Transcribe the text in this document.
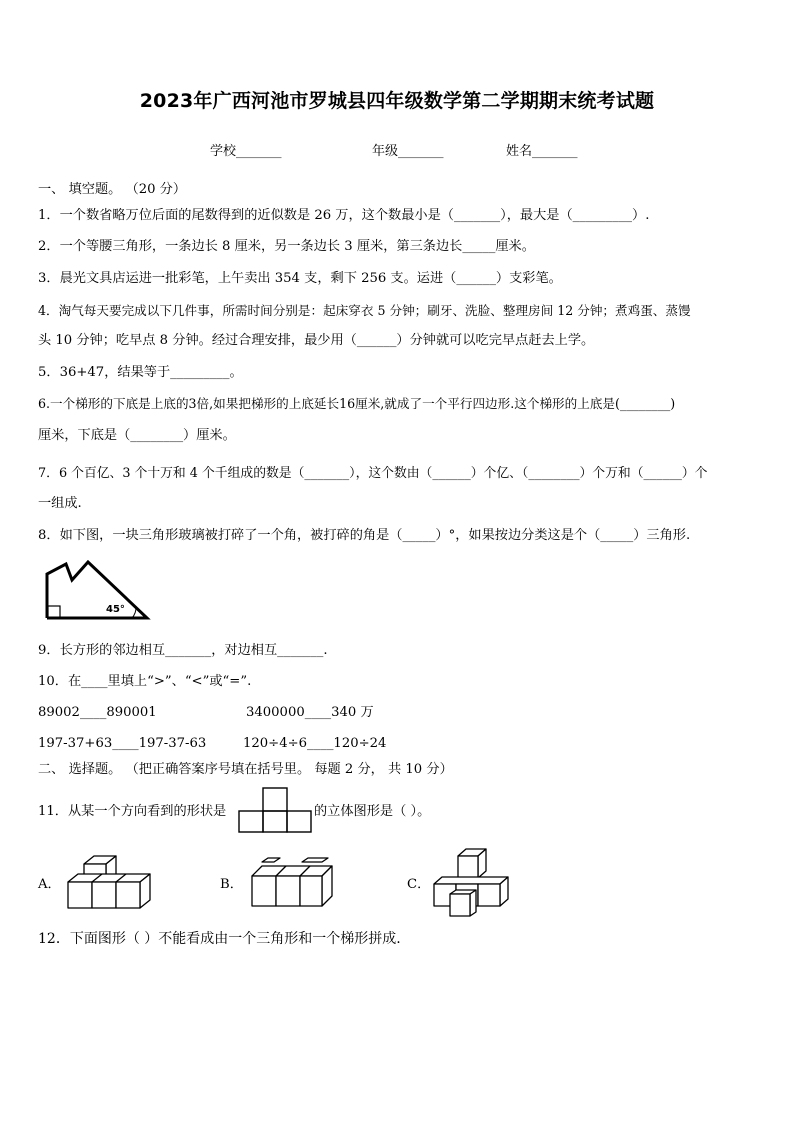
2023年广西河池市罗城县四年级数学第二学期期末统考试题
学校_______	年级_______	姓名_______
一、 填空题。 （20 分）
1．一个数省略万位后面的尾数得到的近似数是 26 万，这个数最小是（_______），最大是（_________）.
2．一个等腰三角形，一条边长 8 厘米，另一条边长 3 厘米，第三条边长_____厘米。
3．晨光文具店运进一批彩笔，上午卖出 354 支，剩下 256 支。运进（______）支彩笔。
4．淘气每天要完成以下几件事，所需时间分别是：起床穿衣 5 分钟；刷牙、洗脸、整理房间 12 分钟；煮鸡蛋、蒸馒
头 10 分钟；吃早点 8 分钟。经过合理安排，最少用（______）分钟就可以吃完早点赶去上学。
5．36+47，结果等于_________。
6.一个梯形的下底是上底的3倍,如果把梯形的上底延长16厘米,就成了一个平行四边形.这个梯形的上底是(________)
厘米，下底是（________）厘米。
7．6 个百亿、3 个十万和 4 个千组成的数是（_______），这个数由（______）个亿、（________）个万和（______）个
一组成.
8．如下图，一块三角形玻璃被打碎了一个角，被打碎的角是（_____）°，如果按边分类这是个（_____）三角形.
45°
9．长方形的邻边相互_______，对边相互_______.
10．在____里填上“>”、“<”或“=”.
89002____890001	3400000____340 万
197-37+63____197-37-63	120÷4÷6____120÷24
二、 选择题。 （把正确答案序号填在括号里。 每题 2 分， 共 10 分）
11．从某一个方向看到的形状是	的立体图形是（ ）。
A．	B．	C．
12．下面图形（ ）不能看成由一个三角形和一个梯形拼成.
